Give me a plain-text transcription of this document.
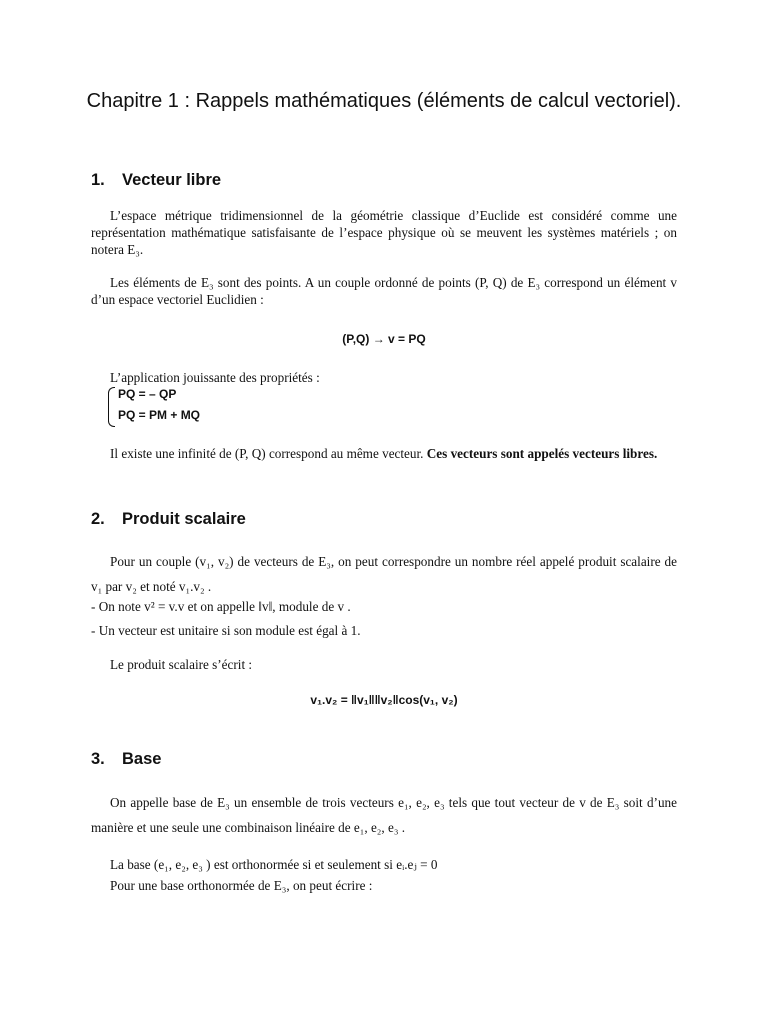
Chapitre 1 : Rappels mathématiques (éléments de calcul vectoriel).
1. Vecteur libre
L’espace métrique tridimensionnel de la géométrie classique d’Euclide est considéré comme une représentation mathématique satisfaisante de l’espace physique où se meuvent les systèmes matériels ; on notera E₃.
Les éléments de E₃ sont des points. A un couple ordonné de points (P, Q) de E₃ correspond un élément v d’un espace vectoriel Euclidien :
(P,Q) → v = PQ
L’application jouissante des propriétés :
PQ = – QP
PQ = PM + MQ
Il existe une infinité de (P, Q) correspond au même vecteur. Ces vecteurs sont appelés vecteurs libres.
2. Produit scalaire
Pour un couple (v₁, v₂) de vecteurs de E₃, on peut correspondre un nombre réel appelé produit scalaire de v₁ par v₂ et noté v₁.v₂ .
- On note v² = v.v et on appelle ‖v‖, module de v .
- Un vecteur est unitaire si son module est égal à 1.
Le produit scalaire s’écrit :
v₁.v₂ = ‖v₁‖‖v₂‖cos(v₁, v₂)
3. Base
On appelle base de E₃ un ensemble de trois vecteurs e₁, e₂, e₃ tels que tout vecteur de v de E₃ soit d’une manière et une seule une combinaison linéaire de e₁, e₂, e₃ .
La base (e₁, e₂, e₃ ) est orthonormée si et seulement si eᵢ.eⱼ = 0
Pour une base orthonormée de E₃, on peut écrire :
